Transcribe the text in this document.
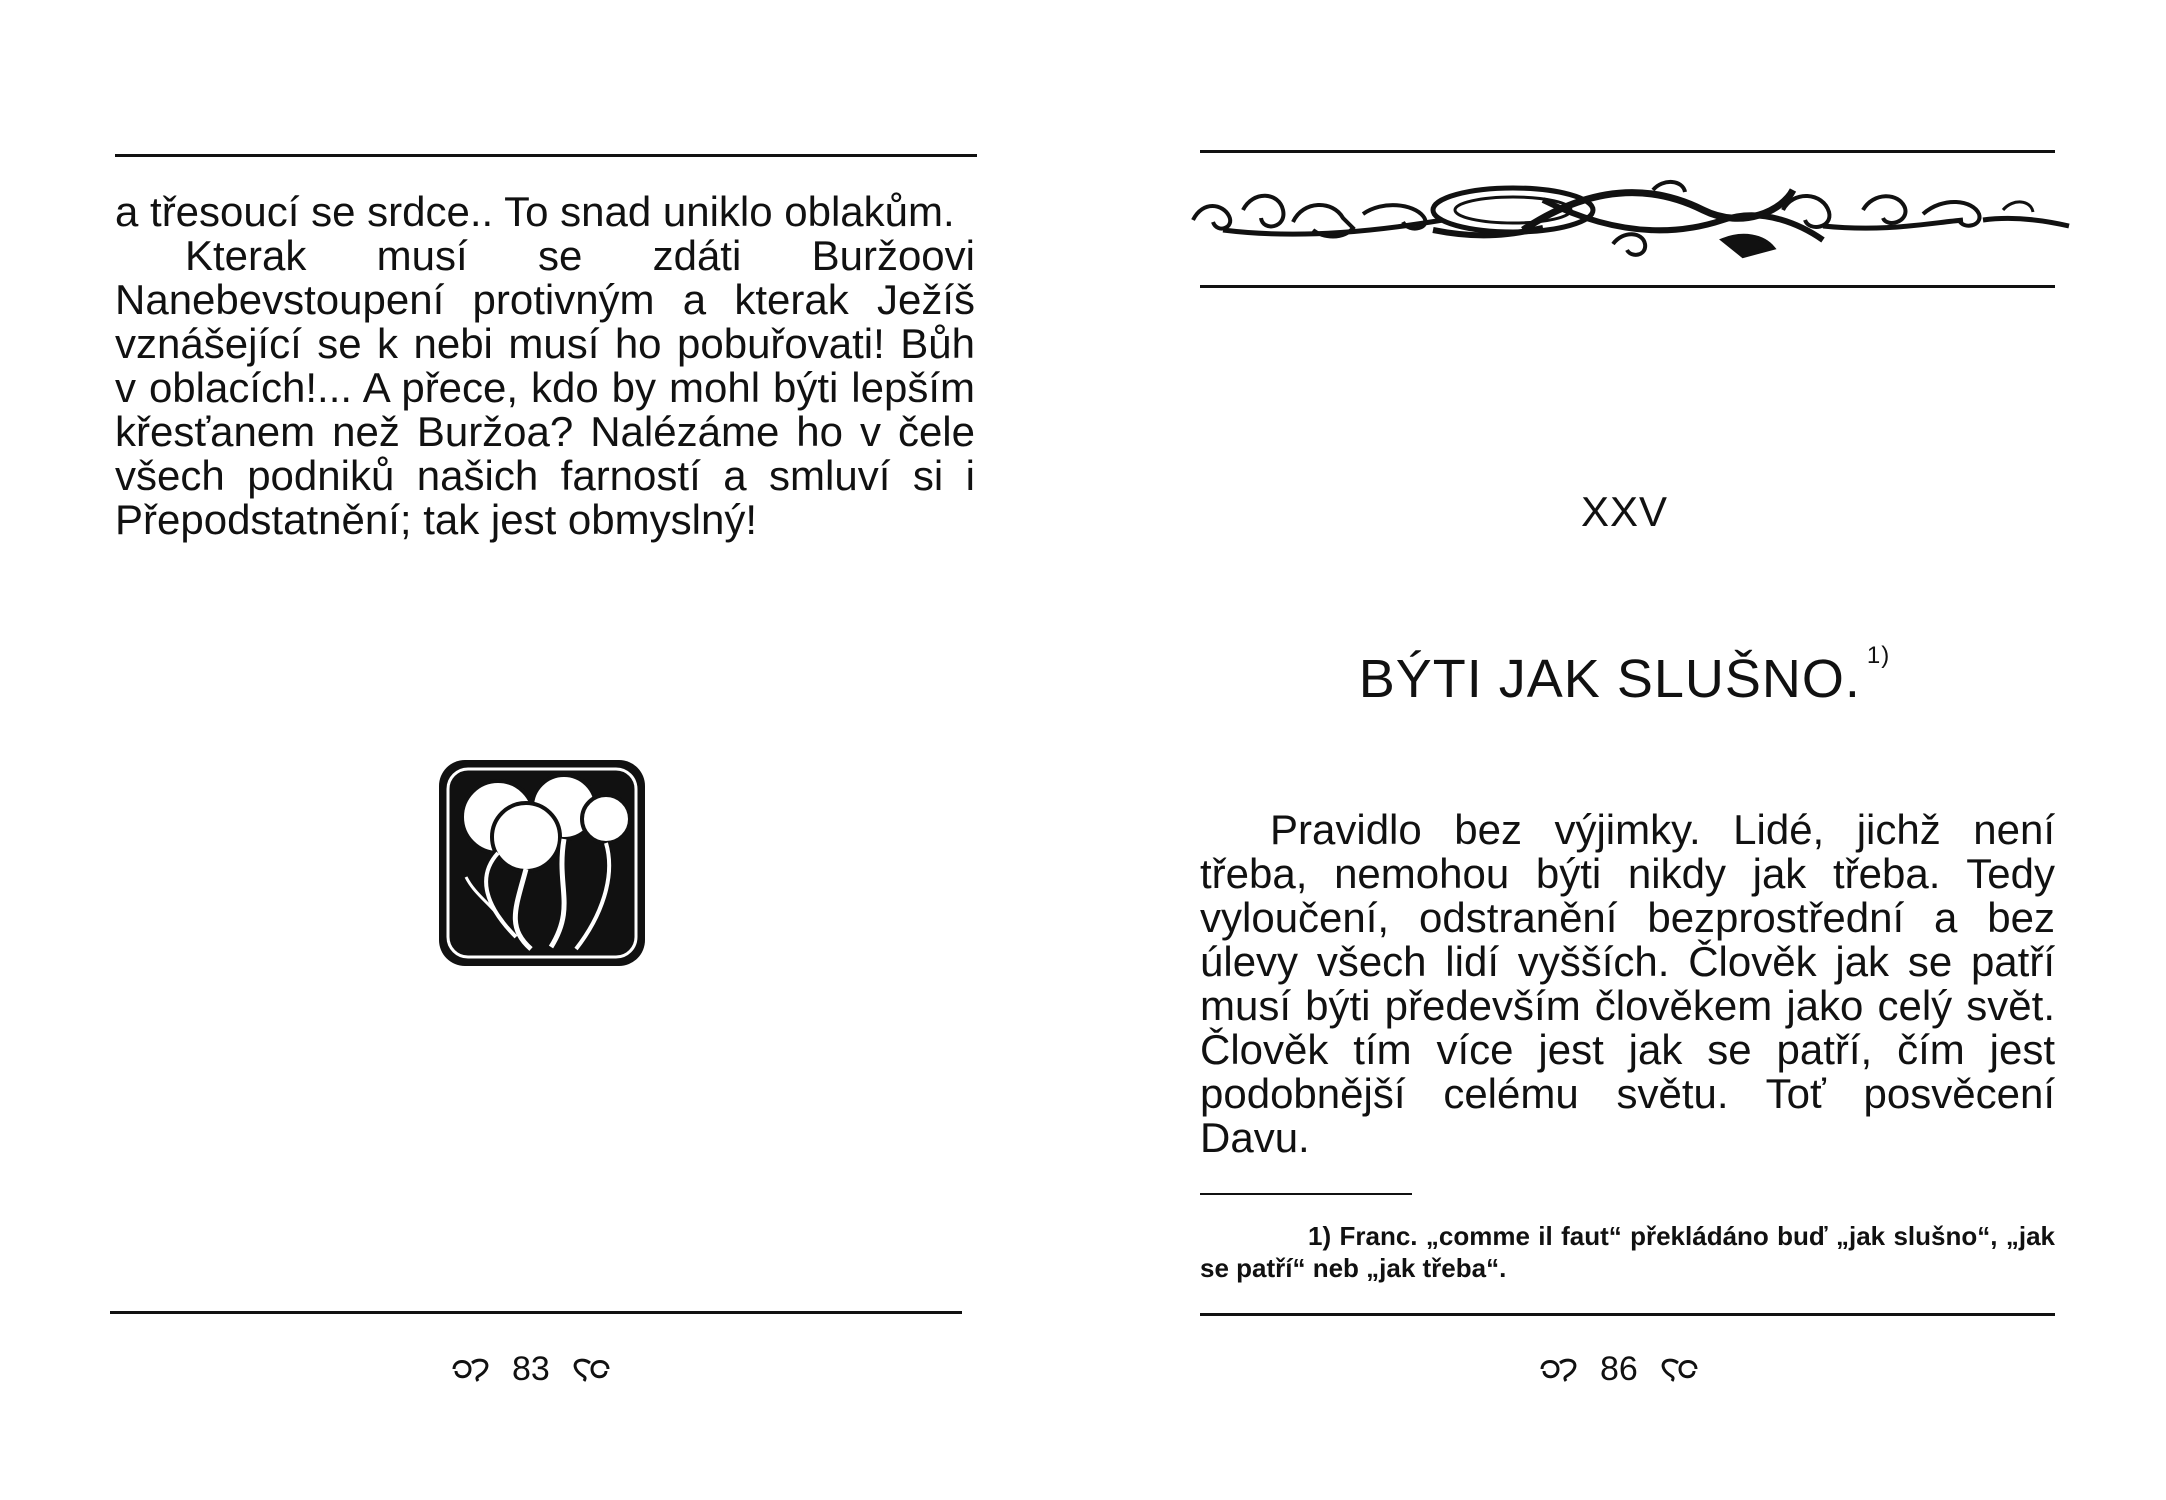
a třesoucí se srdce.. To snad uniklo oblakům.

Kterak musí se zdáti Buržoovi Nanebevstoupení protivným a kterak Ježíš vznášející se k nebi musí ho pobuřovati! Bůh v oblacích!... A přece, kdo by mohl býti lepším křesťanem než Buržoa? Nalézáme ho v čele všech podniků našich farností a smluví si i Přepodstatnění; tak jest obmyslný!

83
XXV
BÝTI JAK SLUŠNO. $^{1)}$

Pravidlo bez výjimky. Lidé, jichž není třeba, nemohou býti nikdy jak třeba. Tedy vyloučení, odstranění bezprostřední a bez úlevy všech lidí vyšších. Člověk jak se patří musí býti především člověkem jako celý svět. Člověk tím více jest jak se patří, čím jest podobnější celému světu. Toť posvěcení Davu.

1) Franc. „comme il faut“ překládáno buď „jak slušno“, „jak se patří“ neb „jak třeba“.

86
